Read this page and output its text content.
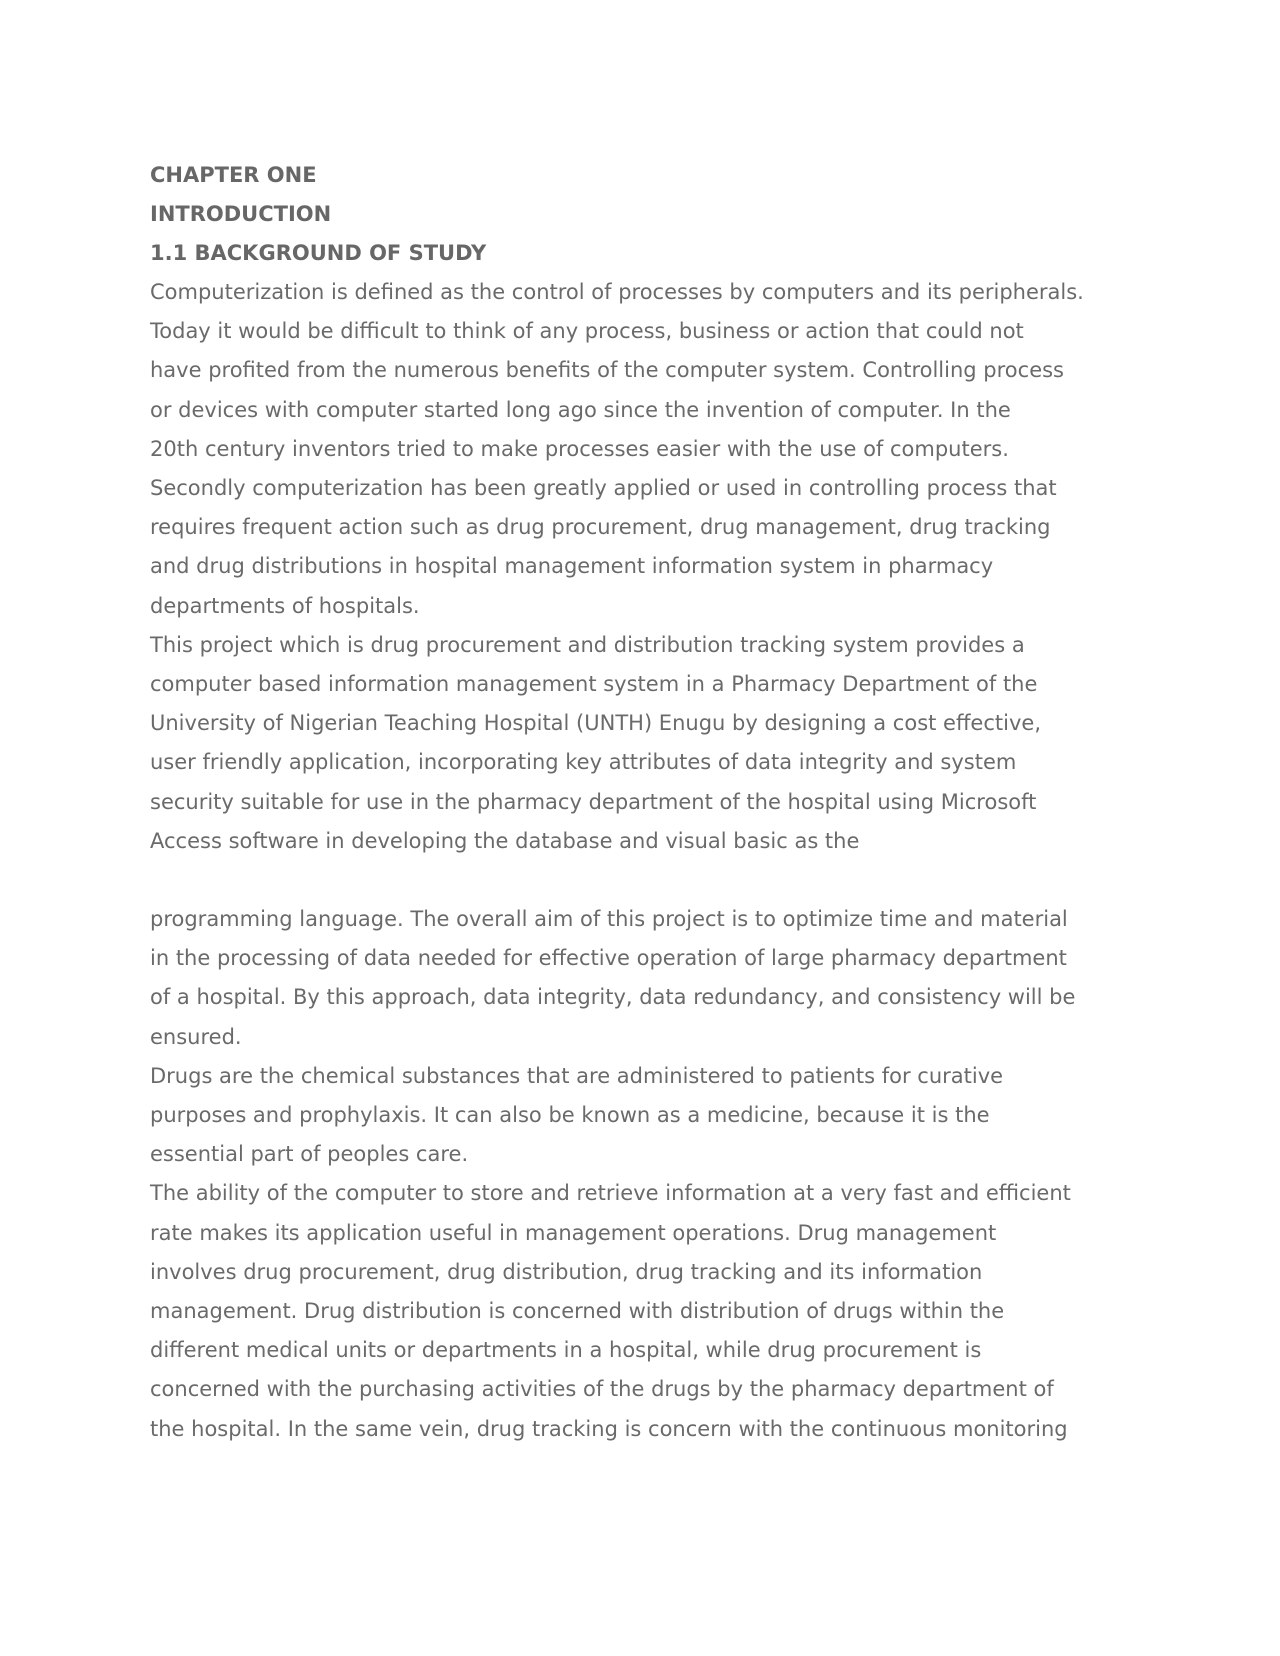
CHAPTER ONE
INTRODUCTION
1.1 BACKGROUND OF STUDY
Computerization is defined as the control of processes by computers and its peripherals.
Today it would be difficult to think of any process, business or action that could not
have profited from the numerous benefits of the computer system. Controlling process
or devices with computer started long ago since the invention of computer. In the
20th century inventors tried to make processes easier with the use of computers.
Secondly computerization has been greatly applied or used in controlling process that
requires frequent action such as drug procurement, drug management, drug tracking
and drug distributions in hospital management information system in pharmacy
departments of hospitals.
This project which is drug procurement and distribution tracking system provides a
computer based information management system in a Pharmacy Department of the
University of Nigerian Teaching Hospital (UNTH) Enugu by designing a cost effective,
user friendly application, incorporating key attributes of data integrity and system
security suitable for use in the pharmacy department of the hospital using Microsoft
Access software in developing the database and visual basic as the
programming language. The overall aim of this project is to optimize time and material
in the processing of data needed for effective operation of large pharmacy department
of a hospital. By this approach, data integrity, data redundancy, and consistency will be
ensured.
Drugs are the chemical substances that are administered to patients for curative
purposes and prophylaxis. It can also be known as a medicine, because it is the
essential part of peoples care.
The ability of the computer to store and retrieve information at a very fast and efficient
rate makes its application useful in management operations. Drug management
involves drug procurement, drug distribution, drug tracking and its information
management. Drug distribution is concerned with distribution of drugs within the
different medical units or departments in a hospital, while drug procurement is
concerned with the purchasing activities of the drugs by the pharmacy department of
the hospital. In the same vein, drug tracking is concern with the continuous monitoring
